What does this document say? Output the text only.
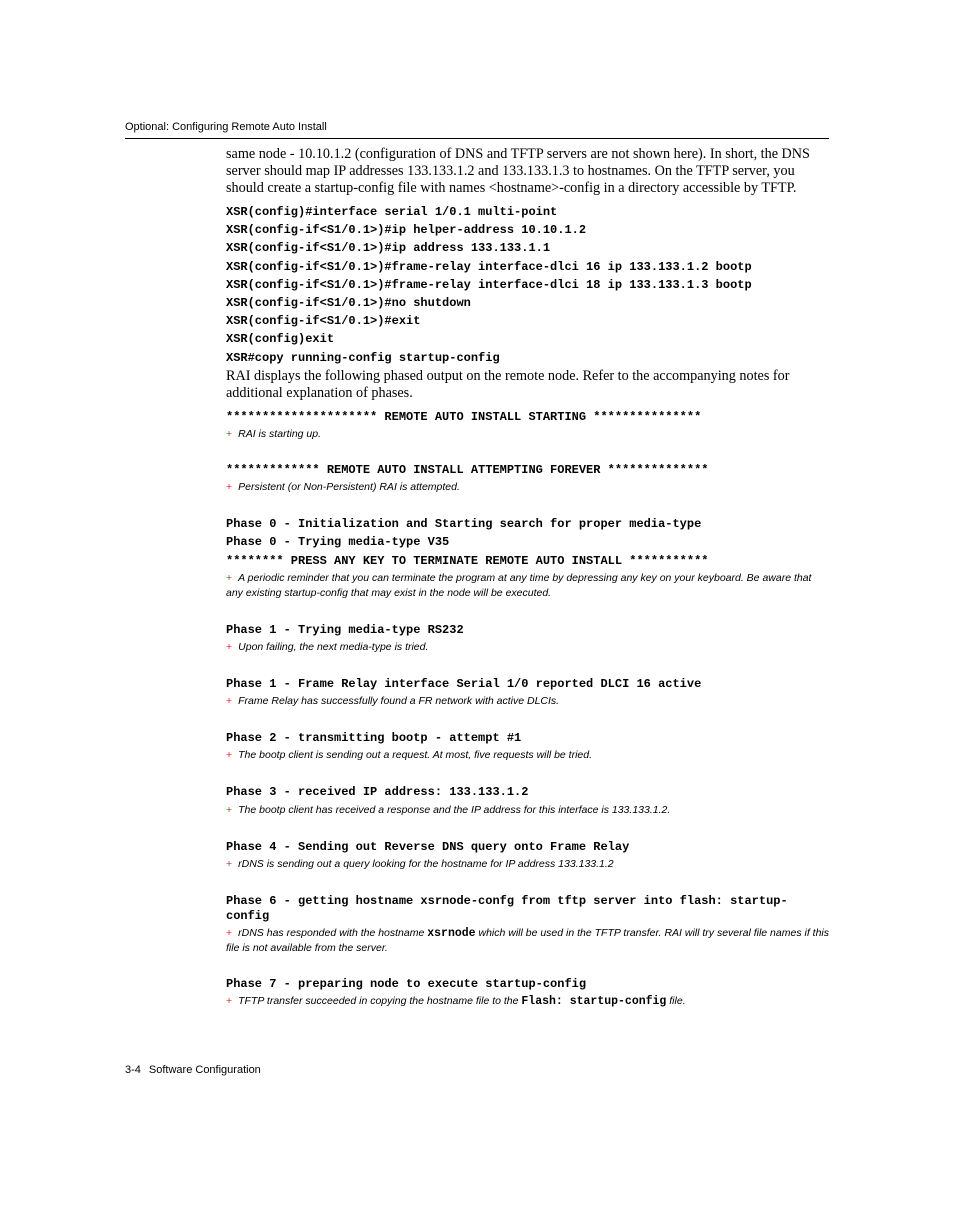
Optional: Configuring Remote Auto Install

same node - 10.10.1.2 (configuration of DNS and TFTP servers are not shown here). In short, the DNS server should map IP addresses 133.133.1.2 and 133.133.1.3 to hostnames. On the TFTP server, you should create a startup-config file with names <hostname>-config in a directory accessible by TFTP.

XSR(config)#interface serial 1/0.1 multi-point
XSR(config-if<S1/0.1>)#ip helper-address 10.10.1.2
XSR(config-if<S1/0.1>)#ip address 133.133.1.1
XSR(config-if<S1/0.1>)#frame-relay interface-dlci 16 ip 133.133.1.2 bootp
XSR(config-if<S1/0.1>)#frame-relay interface-dlci 18 ip 133.133.1.3 bootp
XSR(config-if<S1/0.1>)#no shutdown
XSR(config-if<S1/0.1>)#exit
XSR(config)exit
XSR#copy running-config startup-config

RAI displays the following phased output on the remote node. Refer to the accompanying notes for additional explanation of phases.

********************* REMOTE AUTO INSTALL STARTING ***************
+ RAI is starting up.
************* REMOTE AUTO INSTALL ATTEMPTING FOREVER **************
+ Persistent (or Non-Persistent) RAI is attempted.
Phase 0 - Initialization and Starting search for proper media-type
Phase 0 - Trying media-type V35
******** PRESS ANY KEY TO TERMINATE REMOTE AUTO INSTALL ***********
+ A periodic reminder that you can terminate the program at any time by depressing any key on your keyboard. Be aware that any existing startup-config that may exist in the node will be executed.
Phase 1 - Trying media-type RS232
+ Upon failing, the next media-type is tried.
Phase 1 - Frame Relay interface Serial 1/0 reported DLCI 16 active
+ Frame Relay has successfully found a FR network with active DLCIs.
Phase 2 - transmitting bootp - attempt #1
+ The bootp client is sending out a request. At most, five requests will be tried.
Phase 3 - received IP address: 133.133.1.2
+ The bootp client has received a response and the IP address for this interface is 133.133.1.2.
Phase 4 - Sending out Reverse DNS query onto Frame Relay
+ rDNS is sending out a query looking for the hostname for IP address 133.133.1.2
Phase 6 - getting hostname xsrnode-confg from tftp server into flash: startup-config
+ rDNS has responded with the hostname xsrnode which will be used in the TFTP transfer. RAI will try several file names if this file is not available from the server.
Phase 7 - preparing node to execute startup-config
+ TFTP transfer succeeded in copying the hostname file to the Flash: startup-config file.
3-4 Software Configuration
